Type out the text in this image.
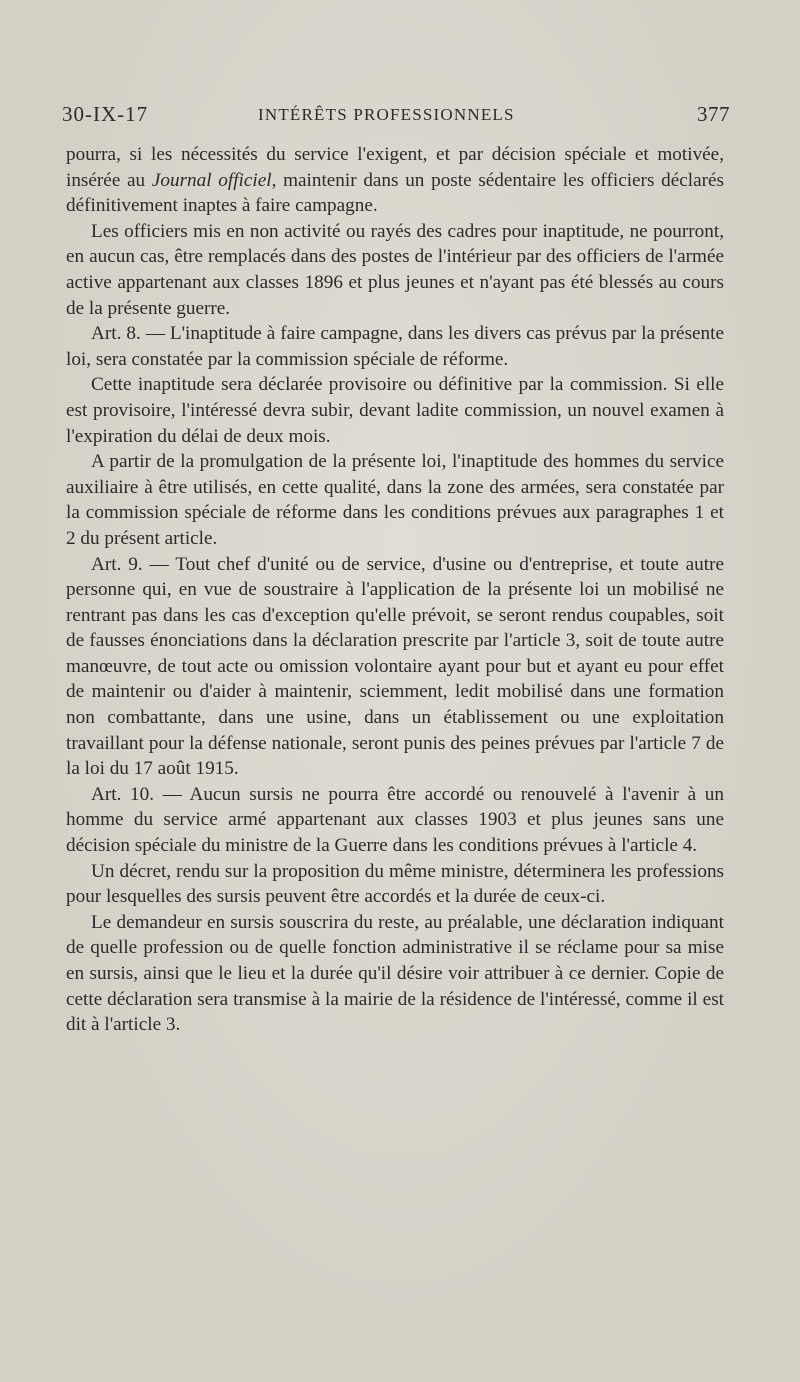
30-IX-17	INTÉRÊTS PROFESSIONNELS	377

pourra, si les nécessités du service l'exigent, et par décision spéciale et motivée, insérée au Journal officiel, maintenir dans un poste sédentaire les officiers déclarés définitivement inaptes à faire campagne.

Les officiers mis en non activité ou rayés des cadres pour inaptitude, ne pourront, en aucun cas, être remplacés dans des postes de l'intérieur par des officiers de l'armée active appartenant aux classes 1896 et plus jeunes et n'ayant pas été blessés au cours de la présente guerre.

Art. 8. — L'inaptitude à faire campagne, dans les divers cas prévus par la présente loi, sera constatée par la commission spéciale de réforme.

Cette inaptitude sera déclarée provisoire ou définitive par la commission. Si elle est provisoire, l'intéressé devra subir, devant ladite commission, un nouvel examen à l'expiration du délai de deux mois.

A partir de la promulgation de la présente loi, l'inaptitude des hommes du service auxiliaire à être utilisés, en cette qualité, dans la zone des armées, sera constatée par la commission spéciale de réforme dans les conditions prévues aux paragraphes 1 et 2 du présent article.

Art. 9. — Tout chef d'unité ou de service, d'usine ou d'entreprise, et toute autre personne qui, en vue de soustraire à l'application de la présente loi un mobilisé ne rentrant pas dans les cas d'exception qu'elle prévoit, se seront rendus coupables, soit de fausses énonciations dans la déclaration prescrite par l'article 3, soit de toute autre manœuvre, de tout acte ou omission volontaire ayant pour but et ayant eu pour effet de maintenir ou d'aider à maintenir, sciemment, ledit mobilisé dans une formation non combattante, dans une usine, dans un établissement ou une exploitation travaillant pour la défense nationale, seront punis des peines prévues par l'article 7 de la loi du 17 août 1915.

Art. 10. — Aucun sursis ne pourra être accordé ou renouvelé à l'avenir à un homme du service armé appartenant aux classes 1903 et plus jeunes sans une décision spéciale du ministre de la Guerre dans les conditions prévues à l'article 4.

Un décret, rendu sur la proposition du même ministre, déterminera les professions pour lesquelles des sursis peuvent être accordés et la durée de ceux-ci.

Le demandeur en sursis souscrira du reste, au préalable, une déclaration indiquant de quelle profession ou de quelle fonction administrative il se réclame pour sa mise en sursis, ainsi que le lieu et la durée qu'il désire voir attribuer à ce dernier. Copie de cette déclaration sera transmise à la mairie de la résidence de l'intéressé, comme il est dit à l'article 3.
